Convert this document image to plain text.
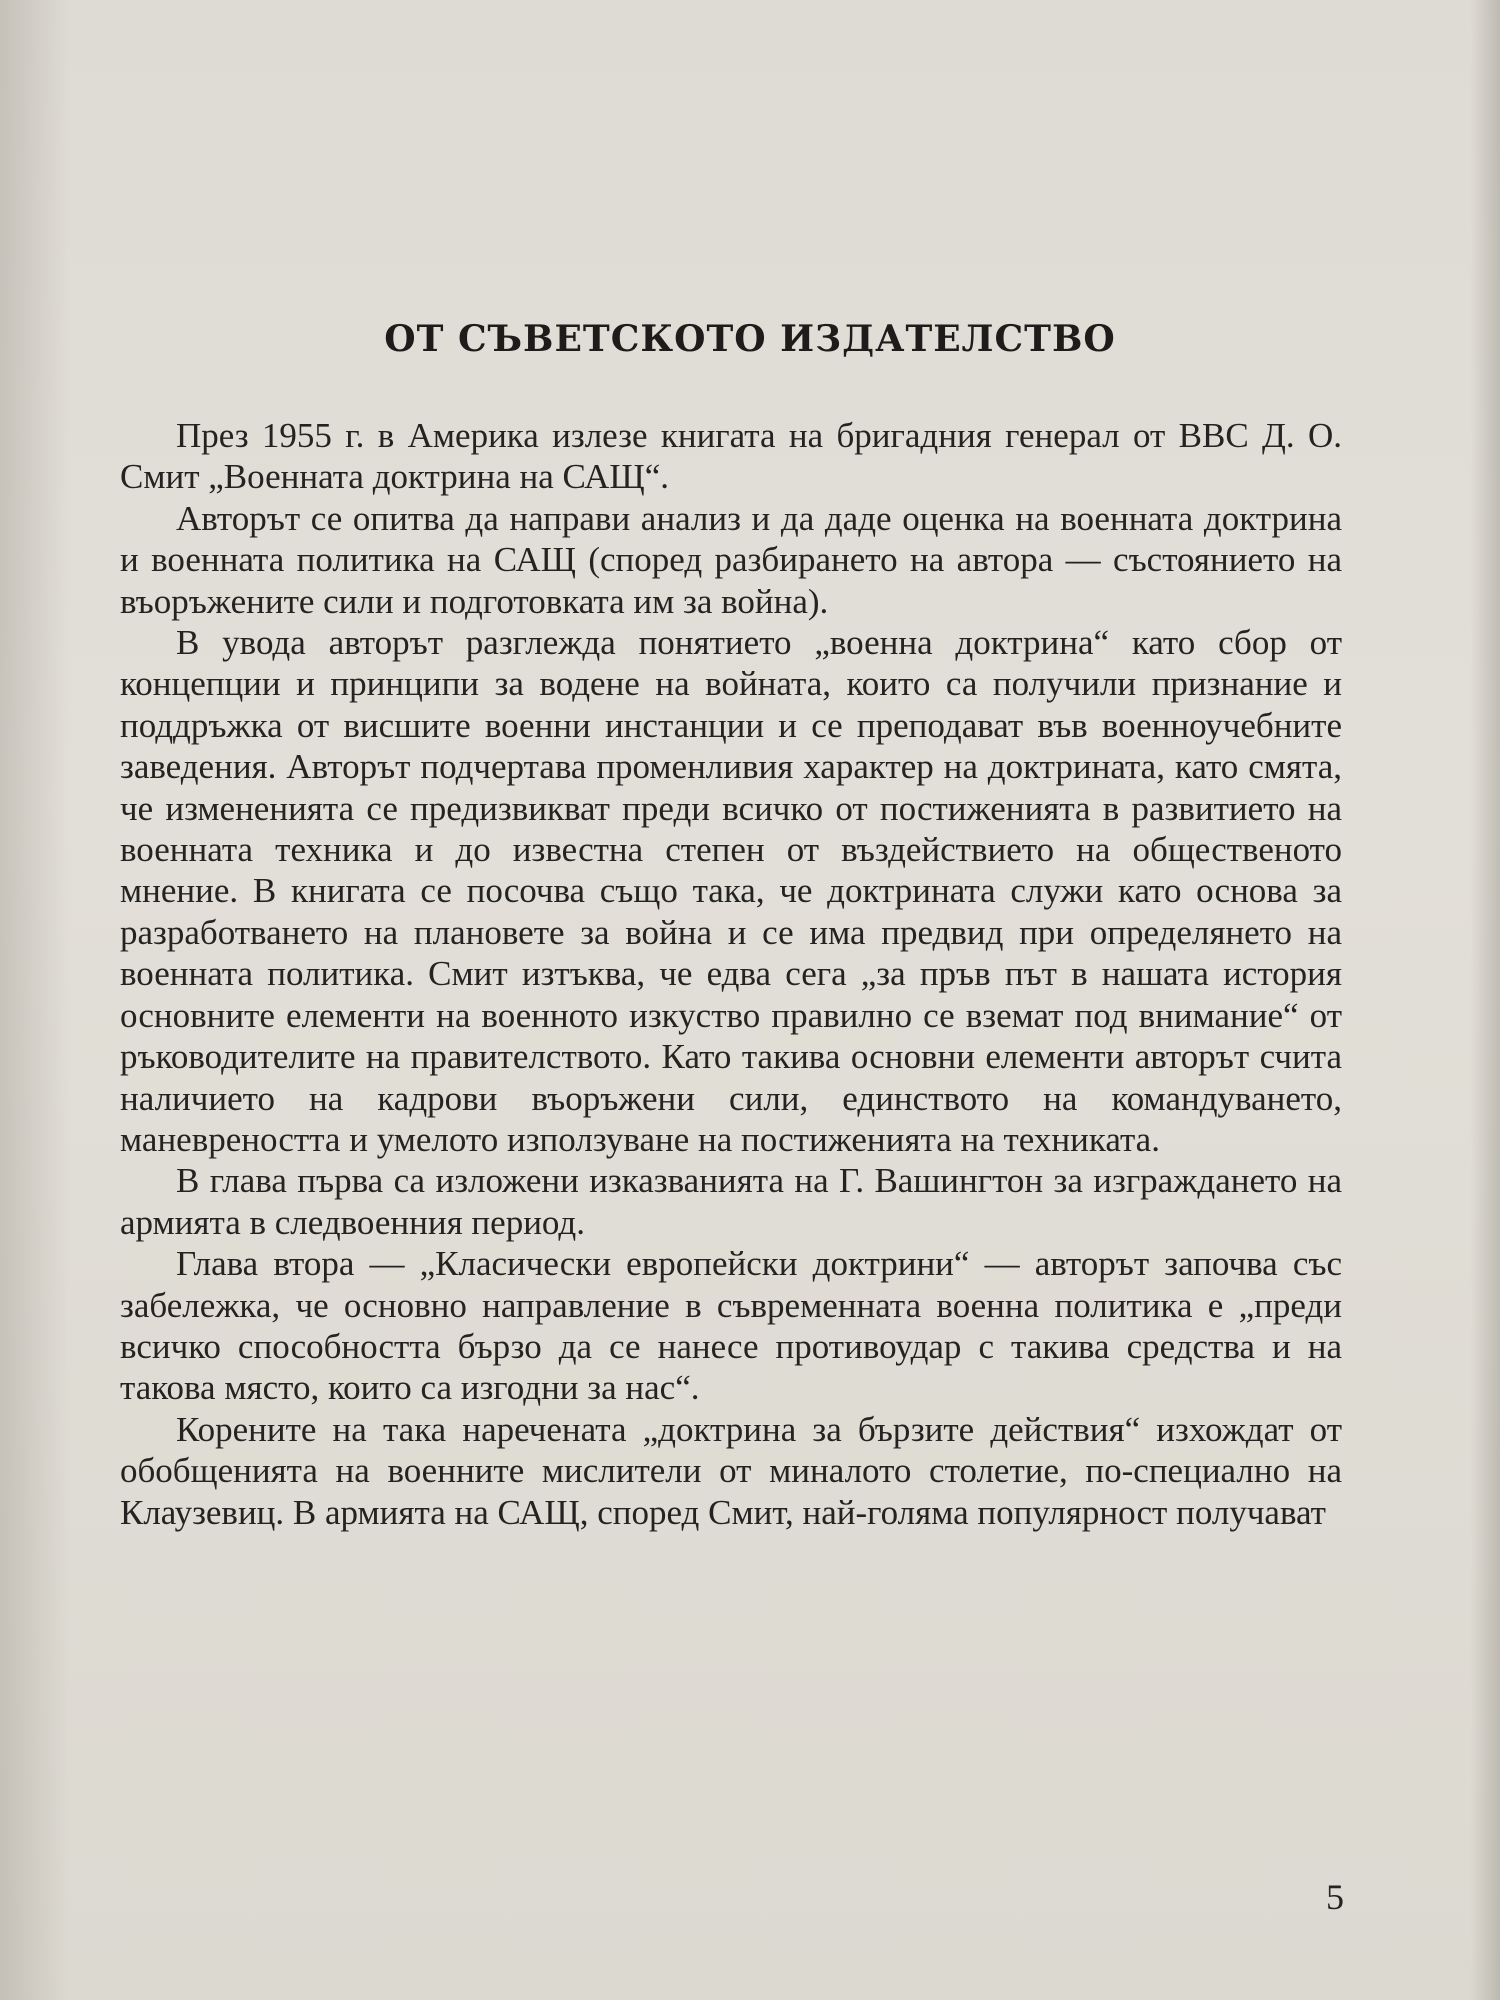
ОТ СЪВЕТСКОТО ИЗДАТЕЛСТВО

През 1955 г. в Америка излезе книгата на бригадния генерал от ВВС Д. О. Смит „Военната доктрина на САЩ“.

Авторът се опитва да направи анализ и да даде оценка на военната доктрина и военната политика на САЩ (според разбирането на автора — състоянието на въоръжените сили и подготовката им за война).

В увода авторът разглежда понятието „военна доктрина“ като сбор от концепции и принципи за водене на войната, които са получили признание и поддръжка от висшите военни инстанции и се преподават във военноучебните заведения. Авторът подчертава променливия характер на доктрината, като смята, че измененията се предизвикват преди всичко от постиженията в развитието на военната техника и до известна степен от въздействието на общественото мнение. В книгата се посочва също така, че доктрината служи като основа за разработването на плановете за война и се има предвид при определянето на военната политика. Смит изтъква, че едва сега „за пръв път в нашата история основните елементи на военното изкуство правилно се вземат под внимание“ от ръководителите на правителството. Като такива основни елементи авторът счита наличието на кадрови въоръжени сили, единството на командуването, маневреността и умелото използуване на постиженията на техниката.

В глава първа са изложени изказванията на Г. Вашингтон за изграждането на армията в следвоенния период.

Глава втора — „Класически европейски доктрини“ — авторът започва със забележка, че основно направление в съвременната военна политика е „преди всичко способността бързо да се нанесе противоудар с такива средства и на такова място, които са изгодни за нас“.

Корените на така наречената „доктрина за бързите действия“ изхождат от обобщенията на военните мислители от миналото столетие, по-специално на Клаузевиц. В армията на САЩ, според Смит, най-голяма популярност получават

5
